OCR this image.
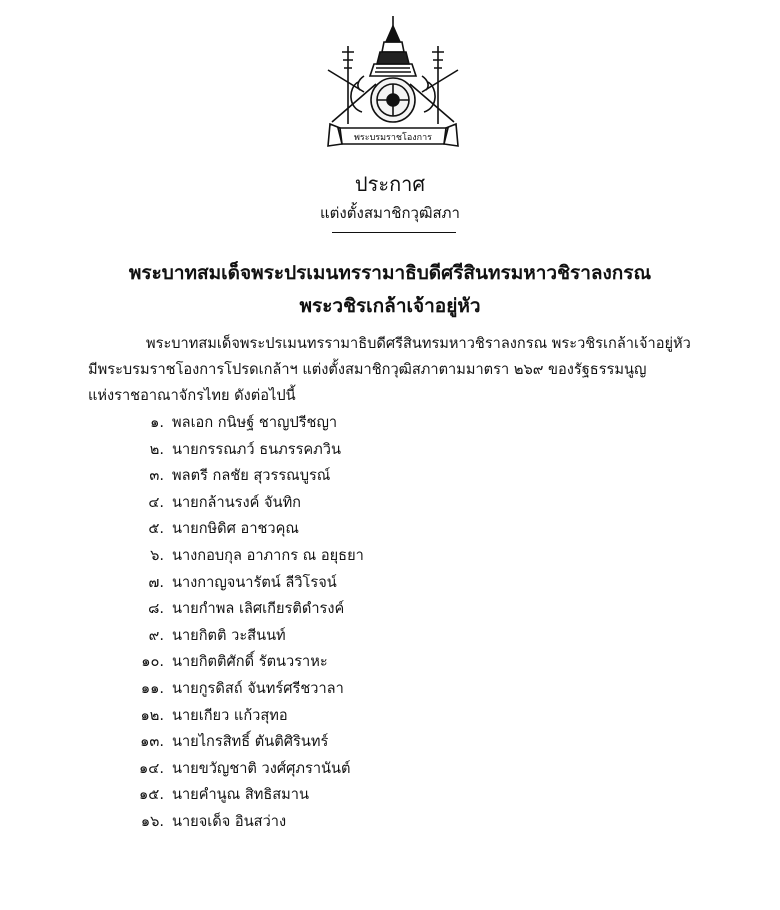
พระบรมราชโองการ
ประกาศ
แต่งตั้งสมาชิกวุฒิสภา
พระบาทสมเด็จพระปรเมนทรรามาธิบดีศรีสินทรมหาวชิราลงกรณ
พระวชิรเกล้าเจ้าอยู่หัว
พระบาทสมเด็จพระปรเมนทรรามาธิบดีศรีสินทรมหาวชิราลงกรณ พระวชิรเกล้าเจ้าอยู่หัว
มีพระบรมราชโองการโปรดเกล้าฯ แต่งตั้งสมาชิกวุฒิสภาตามมาตรา ๒๖๙ ของรัฐธรรมนูญ
แห่งราชอาณาจักรไทย ดังต่อไปนี้
๑. พลเอก กนิษฐ์ ชาญปรีชญา
๒. นายกรรณภว์ ธนภรรคภวิน
๓. พลตรี กลชัย สุวรรณบูรณ์
๔. นายกล้านรงค์ จันทิก
๕. นายกษิดิศ อาชวคุณ
๖. นางกอบกุล อาภากร ณ อยุธยา
๗. นางกาญจนารัตน์ ลีวิโรจน์
๘. นายกำพล เลิศเกียรติดำรงค์
๙. นายกิตติ วะสีนนท์
๑๐. นายกิตติศักดิ์ รัตนวราหะ
๑๑. นายกูรดิสถ์ จันทร์ศรีชวาลา
๑๒. นายเกียว แก้วสุทอ
๑๓. นายไกรสิทธิ์ ตันติศิรินทร์
๑๔. นายขวัญชาติ วงศ์ศุภรานันต์
๑๕. นายคำนูณ สิทธิสมาน
๑๖. นายจเด็จ อินสว่าง
